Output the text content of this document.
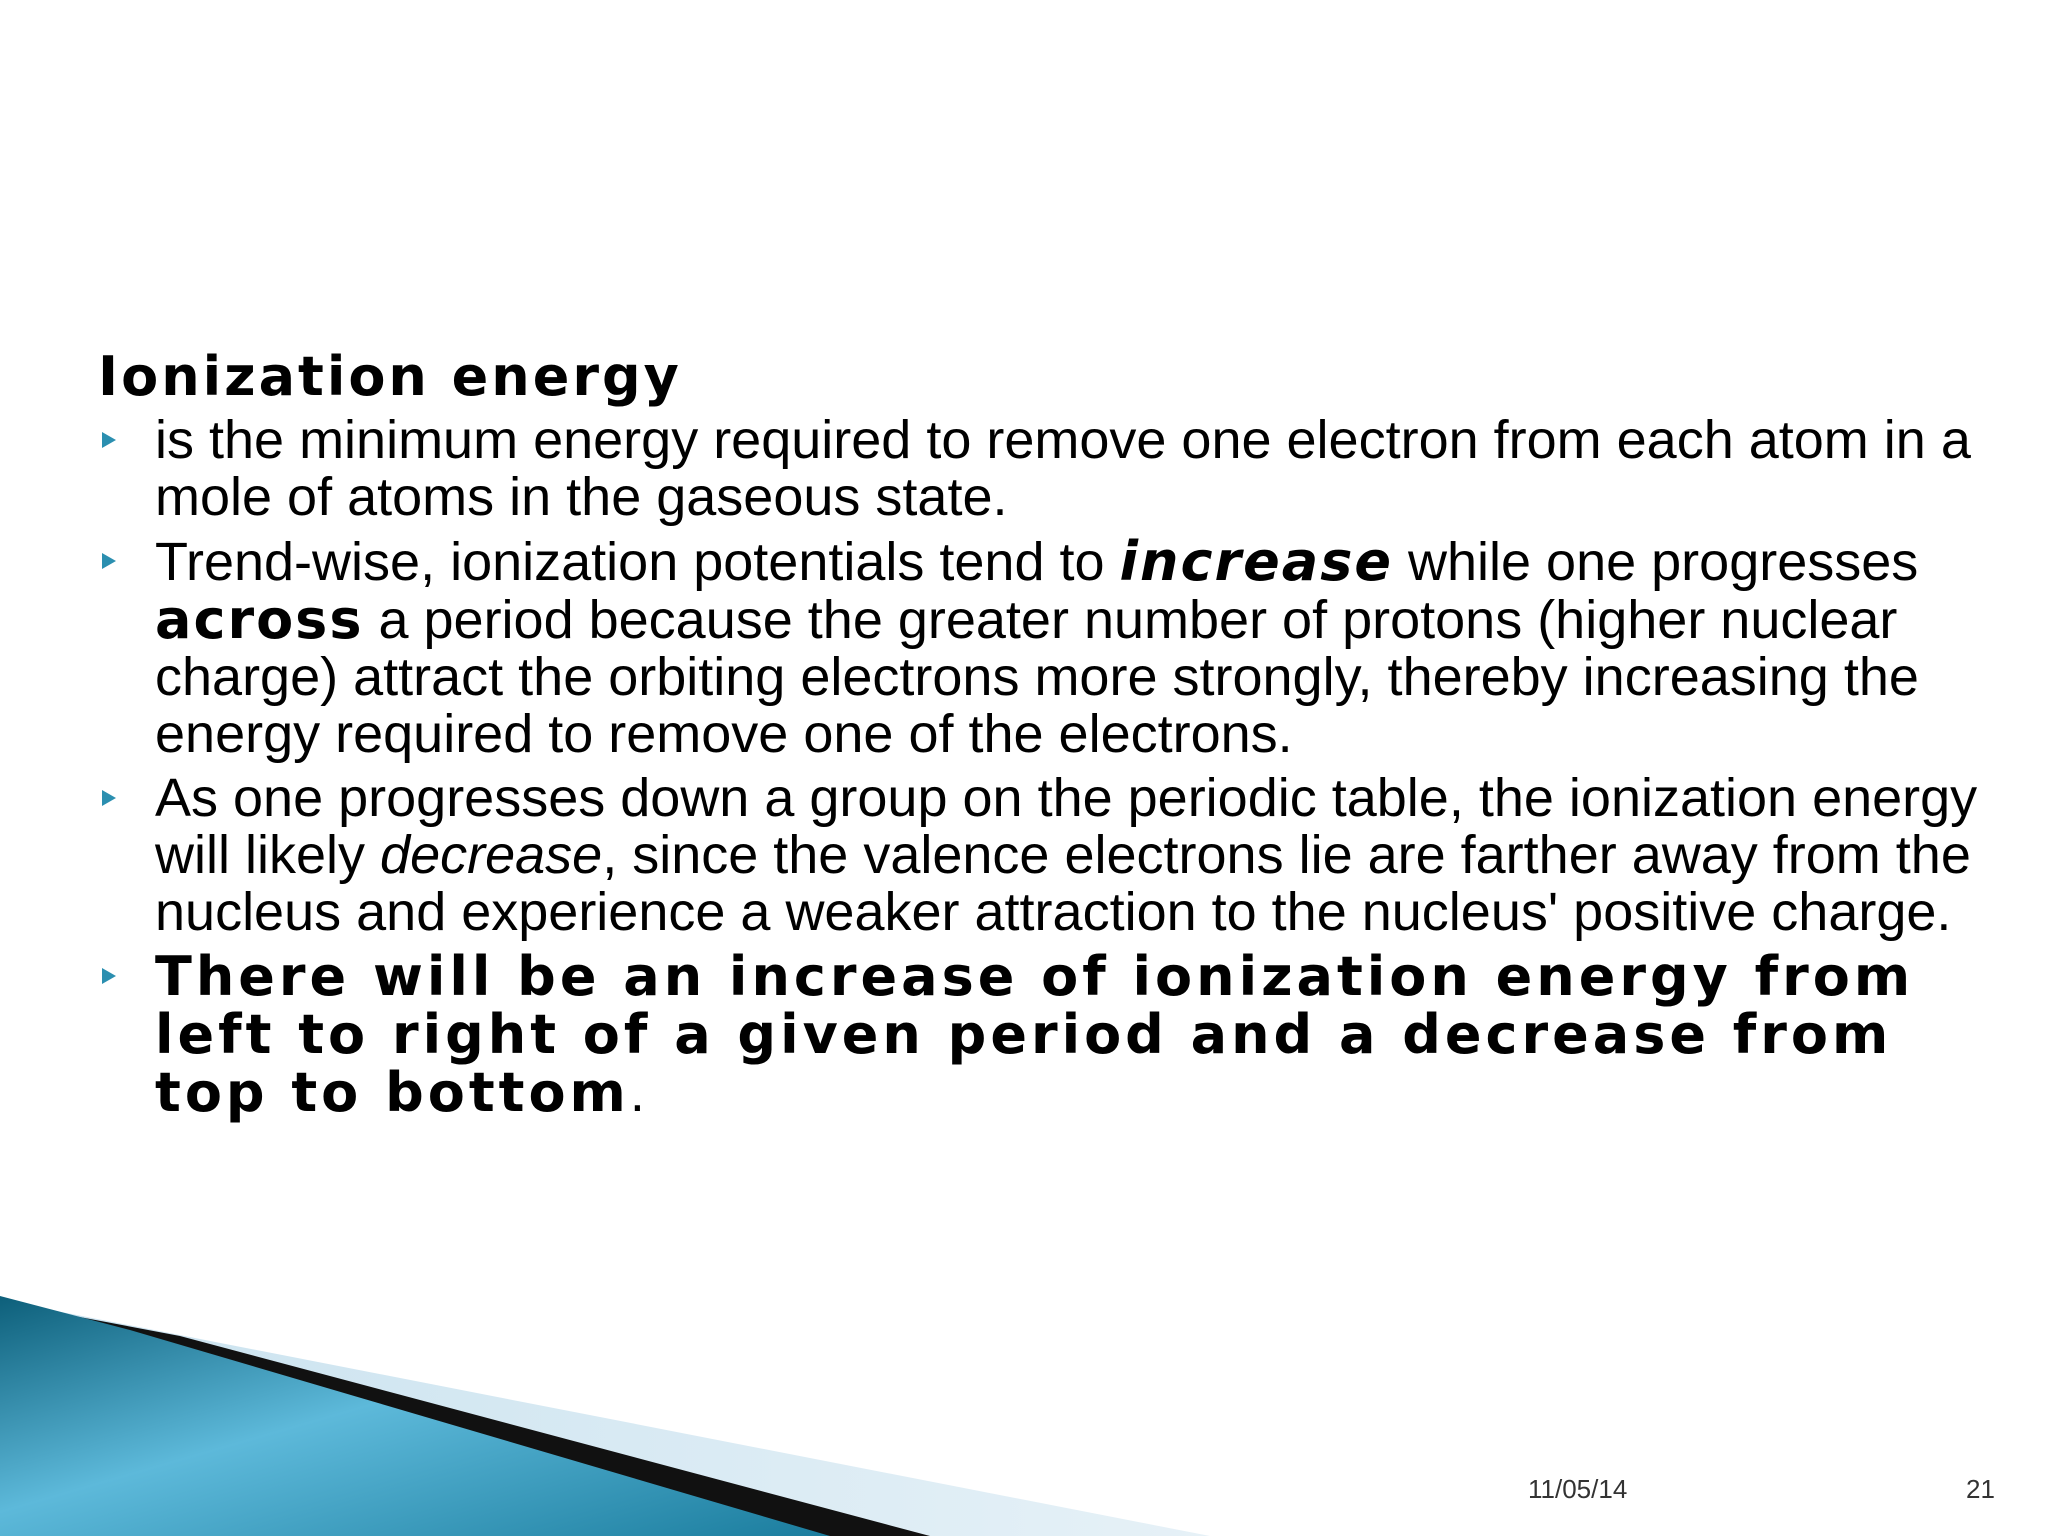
Ionization energy
is the minimum energy required to remove one electron from each atom in a mole of atoms in the gaseous state.
Trend-wise, ionization potentials tend to increase while one progresses across a period because the greater number of protons (higher nuclear charge) attract the orbiting electrons more strongly, thereby increasing the energy required to remove one of the electrons.
As one progresses down a group on the periodic table, the ionization energy will likely decrease, since the valence electrons lie are farther away from the nucleus and experience a weaker attraction to the nucleus' positive charge.
There will be an increase of ionization energy from left to right of a given period and a decrease from top to bottom.
11/05/14	21
